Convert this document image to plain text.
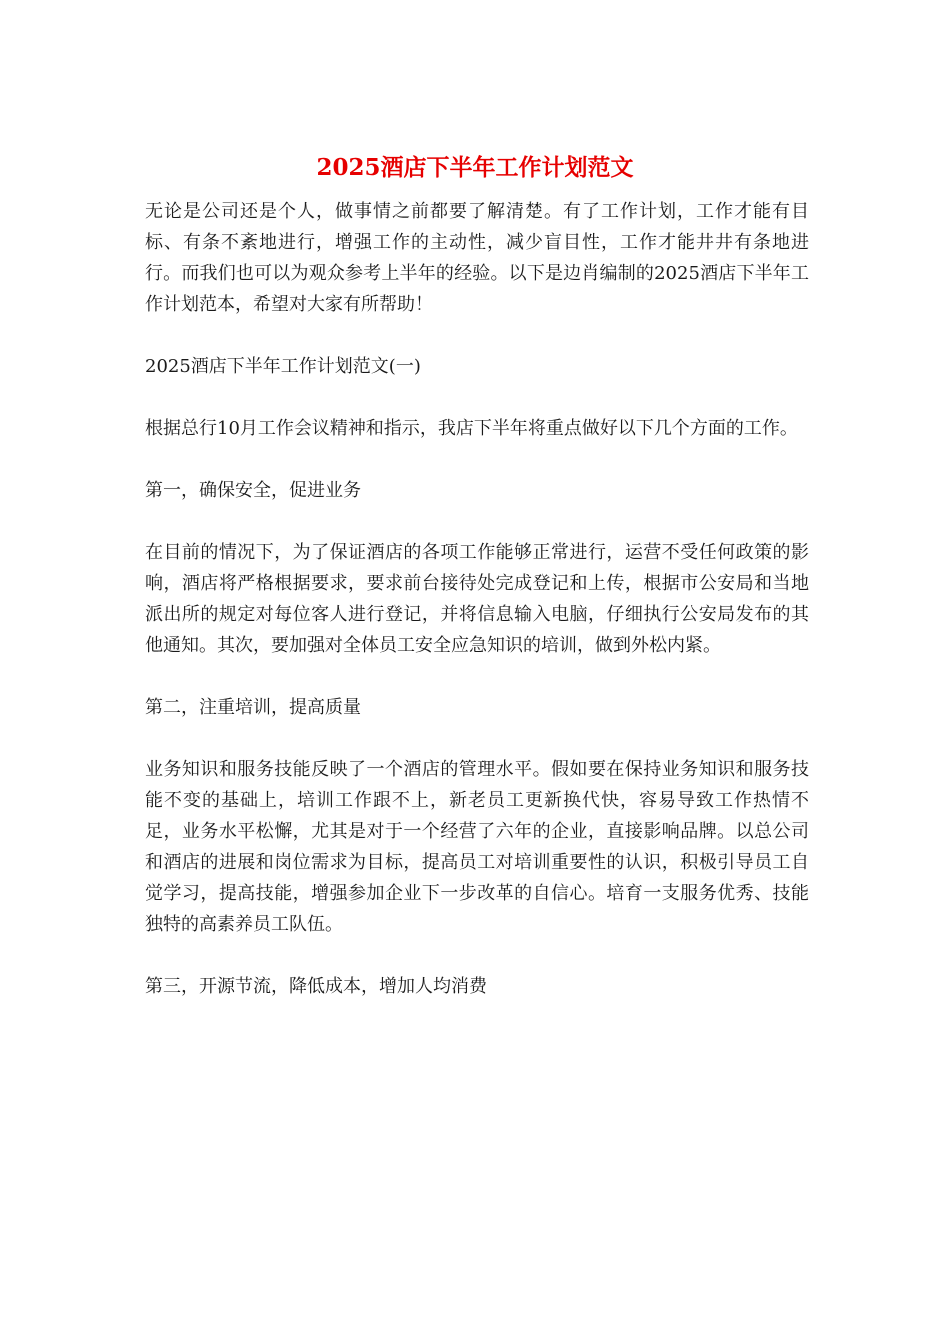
2025酒店下半年工作计划范文

无论是公司还是个人，做事情之前都要了解清楚。有了工作计划，工作才能有目标、有条不紊地进行，增强工作的主动性，减少盲目性，工作才能井井有条地进行。而我们也可以为观众参考上半年的经验。以下是边肖编制的2025酒店下半年工作计划范本，希望对大家有所帮助！

2025酒店下半年工作计划范文(一)

根据总行10月工作会议精神和指示，我店下半年将重点做好以下几个方面的工作。

第一，确保安全，促进业务

在目前的情况下，为了保证酒店的各项工作能够正常进行，运营不受任何政策的影响，酒店将严格根据要求，要求前台接待处完成登记和上传，根据市公安局和当地派出所的规定对每位客人进行登记，并将信息输入电脑，仔细执行公安局发布的其他通知。其次，要加强对全体员工安全应急知识的培训，做到外松内紧。

第二，注重培训，提高质量

业务知识和服务技能反映了一个酒店的管理水平。假如要在保持业务知识和服务技能不变的基础上，培训工作跟不上，新老员工更新换代快，容易导致工作热情不足，业务水平松懈，尤其是对于一个经营了六年的企业，直接影响品牌。以总公司和酒店的进展和岗位需求为目标，提高员工对培训重要性的认识，积极引导员工自觉学习，提高技能，增强参加企业下一步改革的自信心。培育一支服务优秀、技能独特的高素养员工队伍。

第三，开源节流，降低成本，增加人均消费
